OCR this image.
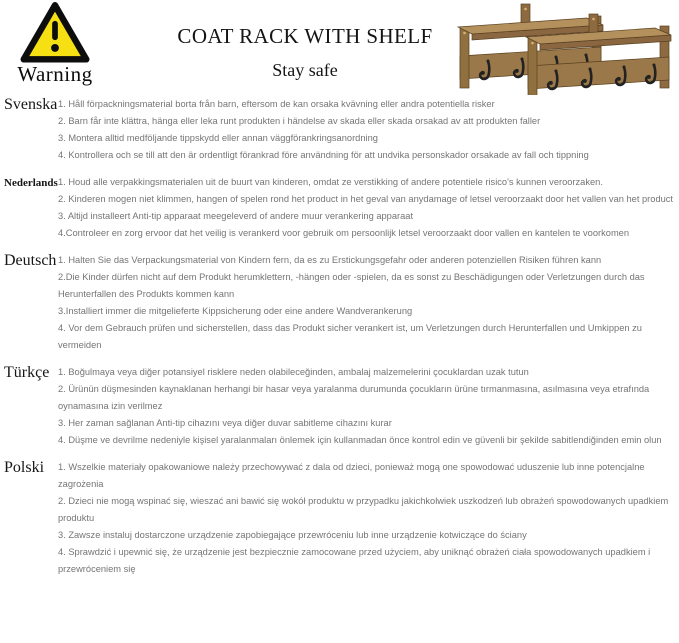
Warning
COAT RACK WITH SHELF
Stay safe
Svenska 1. Håll förpackningsmaterial borta från barn, eftersom de kan orsaka kvävning eller andra potentiella risker
2. Barn får inte klättra, hänga eller leka runt produkten i händelse av skada eller skada orsakad av att produkten faller
3. Montera alltid medföljande tippskydd eller annan väggförankringsanordning
4. Kontrollera och se till att den är ordentligt förankrad före användning för att undvika personskador orsakade av fall och tippning
Nederlands 1. Houd alle verpakkingsmaterialen uit de buurt van kinderen, omdat ze verstikking of andere potentiele risico's kunnen veroorzaken.
2. Kinderen mogen niet klimmen, hangen of spelen rond het product in het geval van anydamage of letsel veroorzaakt door het vallen van het product
3. Altijd installeert Anti-tip apparaat meegeleverd of andere muur verankering apparaat
4.Controleer en zorg ervoor dat het veilig is verankerd voor gebruik om persoonlijk letsel veroorzaakt door vallen en kantelen te voorkomen
Deutsch 1. Halten Sie das Verpackungsmaterial von Kindern fern, da es zu Erstickungsgefahr oder anderen potenziellen Risiken führen kann
2.Die Kinder dürfen nicht auf dem Produkt herumklettern, -hängen oder -spielen, da es sonst zu Beschädigungen oder Verletzungen durch das Herunterfallen des Produkts kommen kann
3.Installiert immer die mitgelieferte Kippsicherung oder eine andere Wandverankerung
4. Vor dem Gebrauch prüfen und sicherstellen, dass das Produkt sicher verankert ist, um Verletzungen durch Herunterfallen und Umkippen zu vermeiden
Türkçe 1. Boğulmaya veya diğer potansiyel risklere neden olabileceğinden, ambalaj malzemelerini çocuklardan uzak tutun
2. Ürünün düşmesinden kaynaklanan herhangi bir hasar veya yaralanma durumunda çocukların ürüne tırmanmasına, asılmasına veya etrafında oynamasına izin verilmez
3. Her zaman sağlanan Anti-tip cihazını veya diğer duvar sabitleme cihazını kurar
4. Düşme ve devrilme nedeniyle kişisel yaralanmaları önlemek için kullanmadan önce kontrol edin ve güvenli bir şekilde sabitlendiğinden emin olun
Polski	1. Wszelkie materiały opakowaniowe należy przechowywać z dala od dzieci, ponieważ mogą one spowodować uduszenie lub inne potencjalne zagrożenia
2. Dzieci nie mogą wspinać się, wieszać ani bawić się wokół produktu w przypadku jakichkolwiek uszkodzeń lub obrażeń spowodowanych upadkiem produktu
3. Zawsze instaluj dostarczone urządzenie zapobiegające przewróceniu lub inne urządzenie kotwiczące do ściany
4. Sprawdzić i upewnić się, że urządzenie jest bezpiecznie zamocowane przed użyciem, aby uniknąć obrażeń ciała spowodowanych upadkiem i przewróceniem się
